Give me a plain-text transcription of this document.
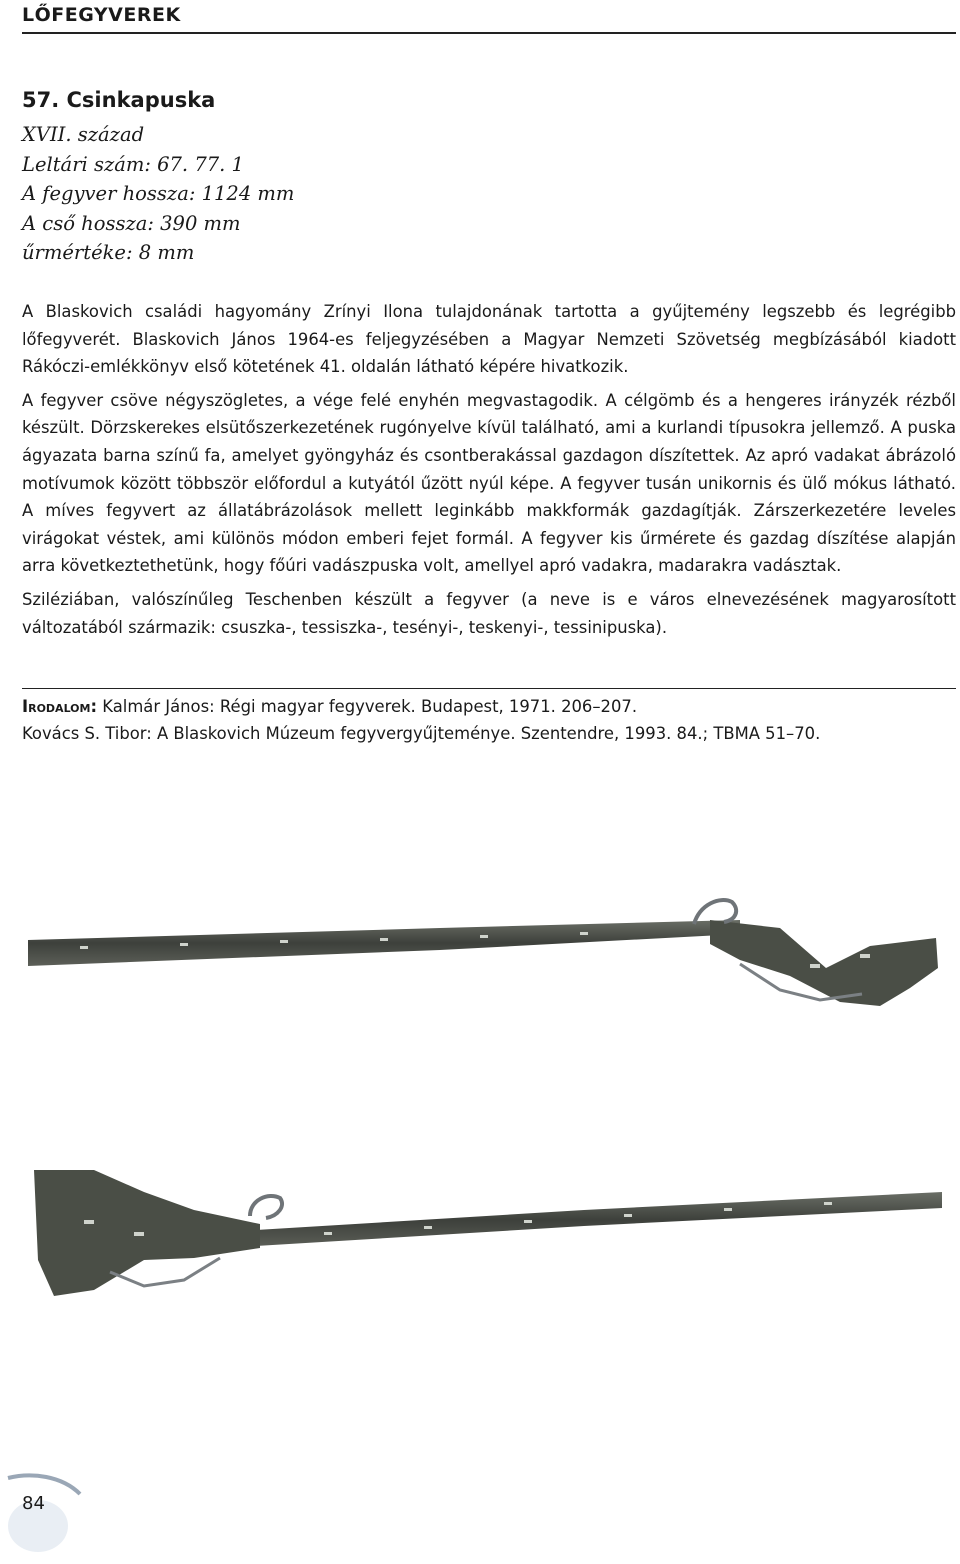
LŐFEGYVEREK
57. Csinkapuska
XVII. század
Leltári szám: 67. 77. 1
A fegyver hossza: 1124 mm
A cső hossza: 390 mm
űrmértéke: 8 mm

A Blaskovich családi hagyomány Zrínyi Ilona tulajdonának tartotta a gyűjtemény legszebb és legrégibb lőfegyverét. Blaskovich János 1964-es feljegyzésében a Magyar Nemzeti Szövetség megbízásából kiadott Rákóczi-emlékkönyv első kötetének 41. oldalán látható képére hivatkozik.

A fegyver csöve négyszögletes, a vége felé enyhén megvastagodik. A célgömb és a hengeres irányzék rézből készült. Dörzskerekes elsütőszerkezetének rugónyelve kívül található, ami a kurlandi típusokra jellemző. A puska ágyazata barna színű fa, amelyet gyöngyház és csontberakással gazdagon díszítettek. Az apró vadakat ábrázoló motívumok között többször előfordul a kutyától űzött nyúl képe. A fegyver tusán unikornis és ülő mókus látható. A míves fegyvert az állatábrázolások mellett leginkább makkformák gazdagítják. Zárszerkezetére leveles virágokat véstek, ami különös módon emberi fejet formál. A fegyver kis űrmérete és gazdag díszítése alapján arra következtethetünk, hogy főúri vadászpuska volt, amellyel apró vadakra, madarakra vadásztak.

Sziléziában, valószínűleg Teschenben készült a fegyver (a neve is e város elnevezésének magyarosított változatából származik: csuszka-, tessiszka-, tesényi-, teskenyi-, tessinipuska).

Irodalom: Kalmár János: Régi magyar fegyverek. Budapest, 1971. 206–207.
Kovács S. Tibor: A Blaskovich Múzeum fegyvergyűjteménye. Szentendre, 1993. 84.; TBMA 51–70.
84
